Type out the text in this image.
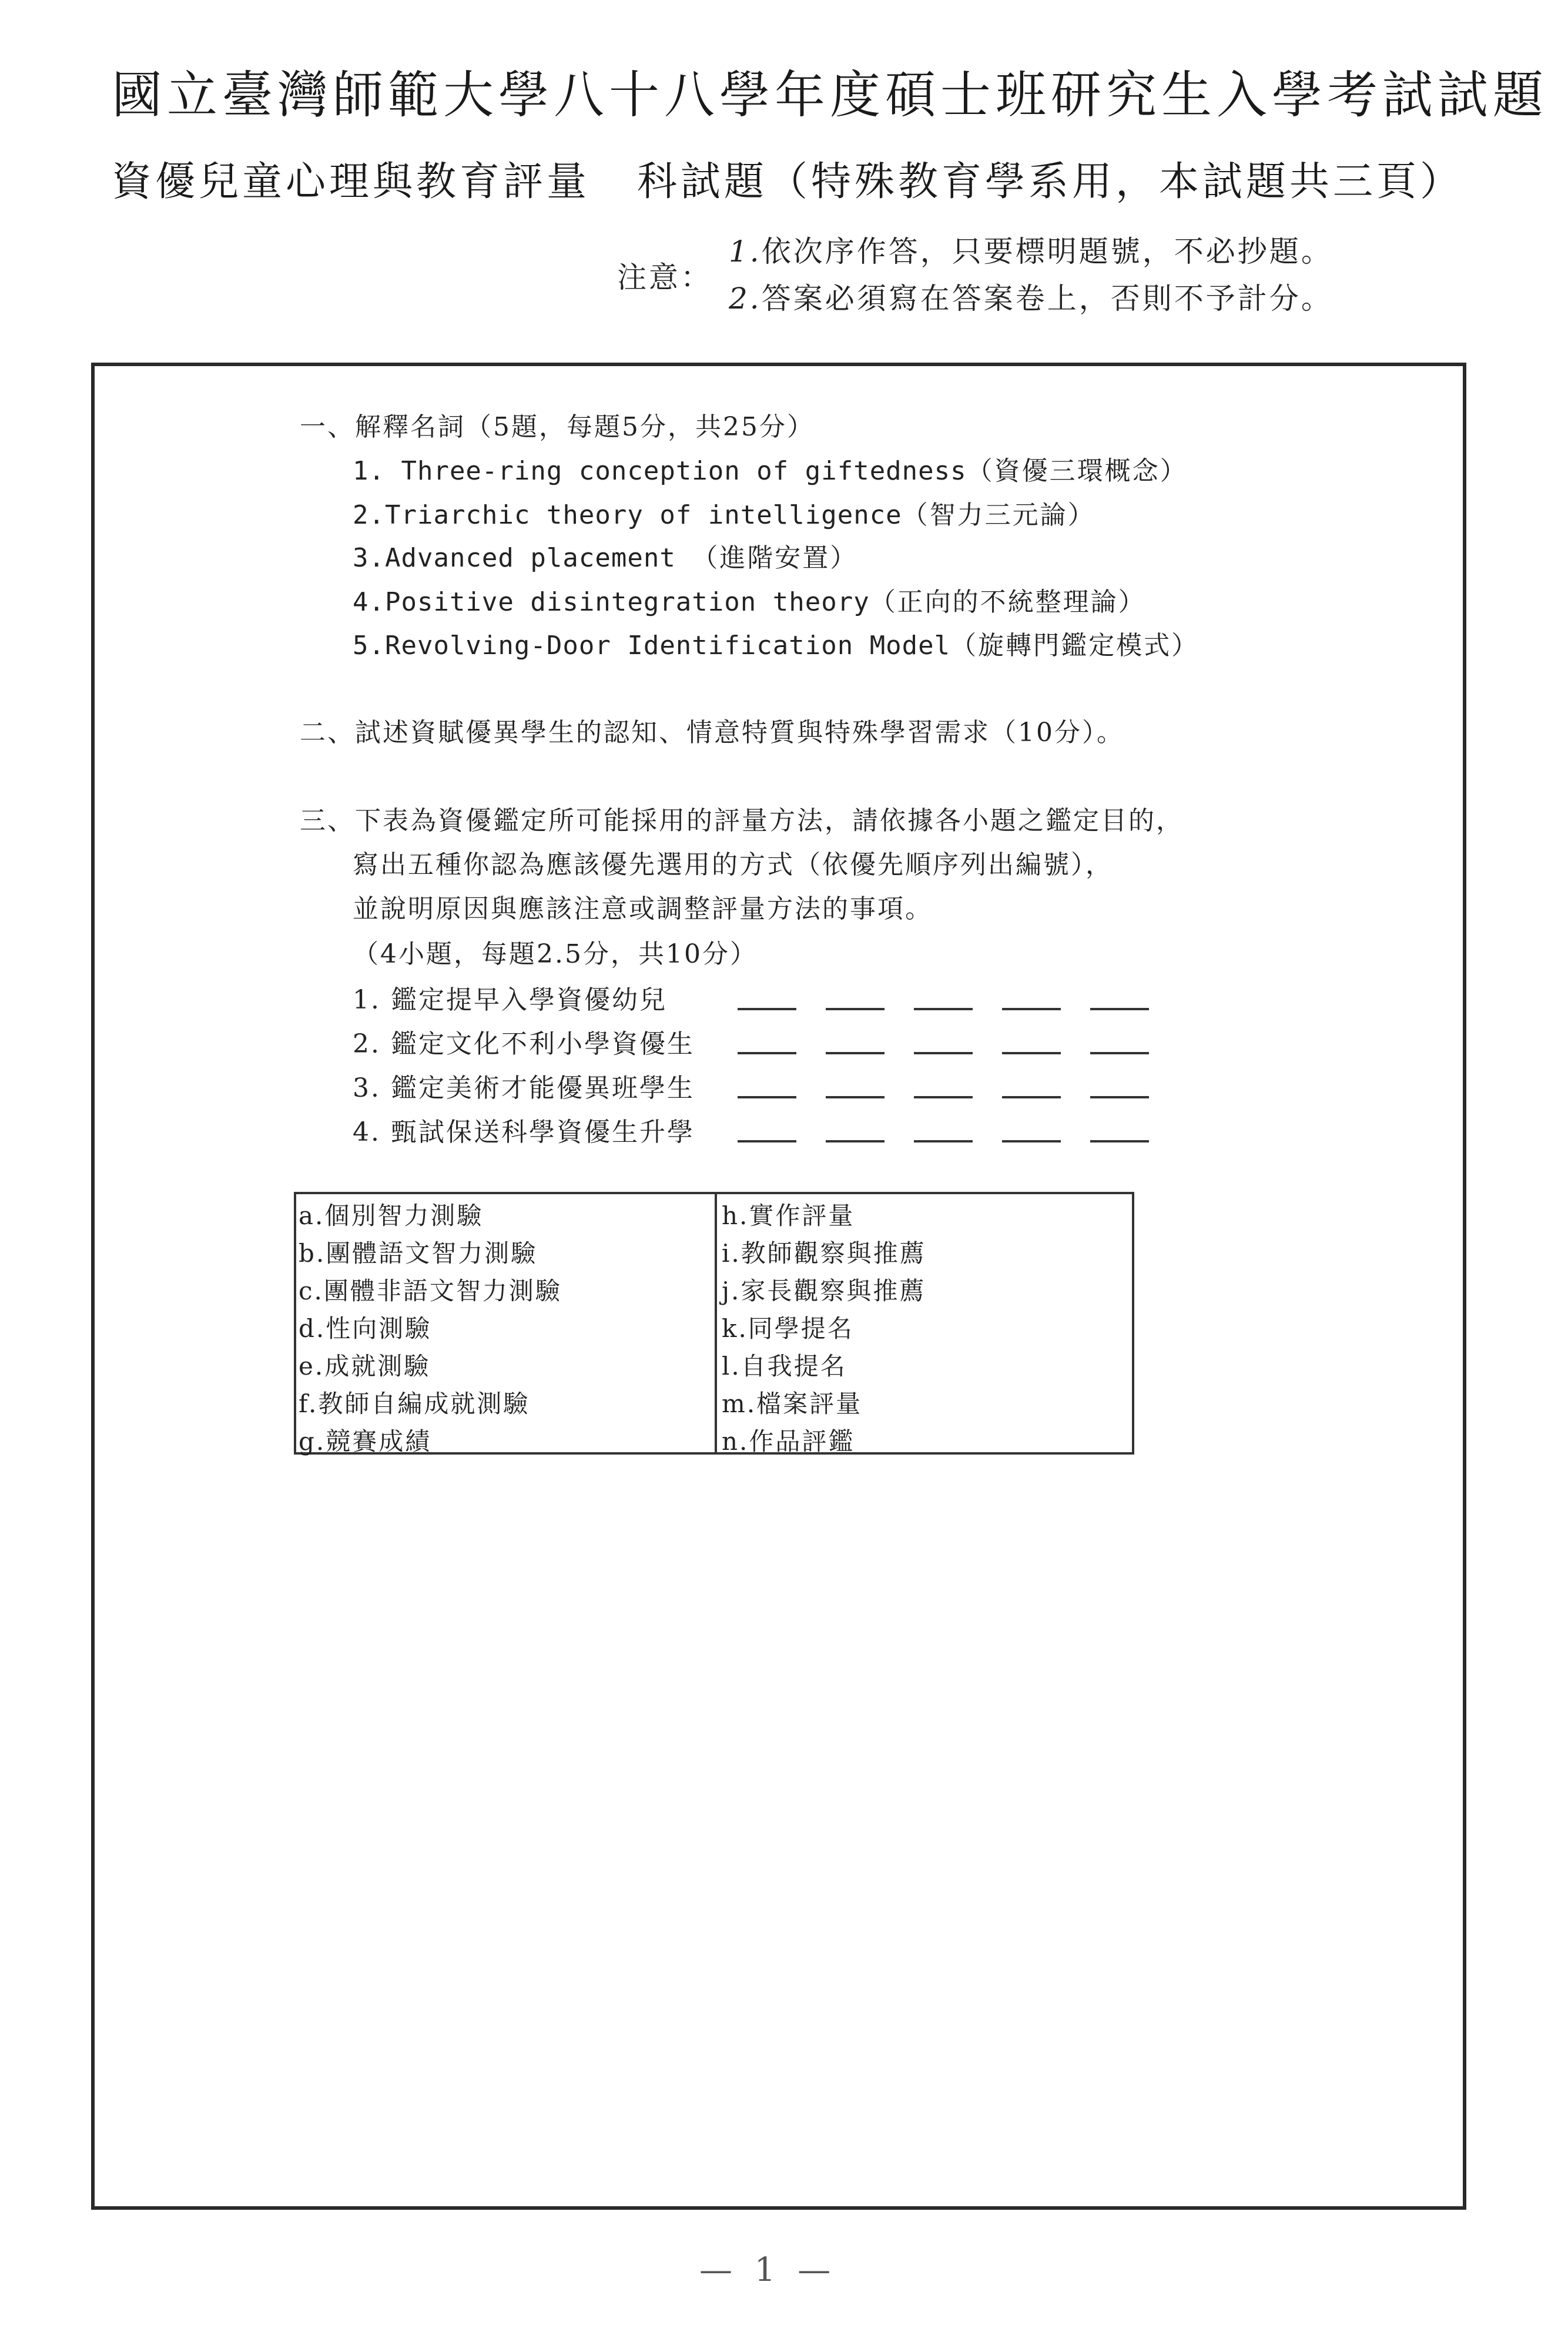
國立臺灣師範大學八十八學年度碩士班研究生入學考試試題
資優兒童心理與教育評量 科試題（特殊教育學系用，本試題共三頁）
注意：
1.依次序作答，只要標明題號，不必抄題。
2.答案必須寫在答案卷上，否則不予計分。
一、解釋名詞（5題，每題5分，共25分）
1. Three-ring conception of giftedness（資優三環概念）
2.Triarchic theory of intelligence（智力三元論）
3.Advanced placement （進階安置）
4.Positive disintegration theory（正向的不統整理論）
5.Revolving-Door Identification Model（旋轉門鑑定模式）
二、試述資賦優異學生的認知、情意特質與特殊學習需求（10分）。
三、下表為資優鑑定所可能採用的評量方法，請依據各小題之鑑定目的，
寫出五種你認為應該優先選用的方式（依優先順序列出編號），
並說明原因與應該注意或調整評量方法的事項。
（4小題，每題2.5分，共10分）
1. 鑑定提早入學資優幼兒
2. 鑑定文化不利小學資優生
3. 鑑定美術才能優異班學生
4. 甄試保送科學資優生升學
a.個別智力測驗
b.團體語文智力測驗
c.團體非語文智力測驗
d.性向測驗
e.成就測驗
f.教師自編成就測驗
g.競賽成績
h.實作評量
i.教師觀察與推薦
j.家長觀察與推薦
k.同學提名
l.自我提名
m.檔案評量
n.作品評鑑
— 1 —
